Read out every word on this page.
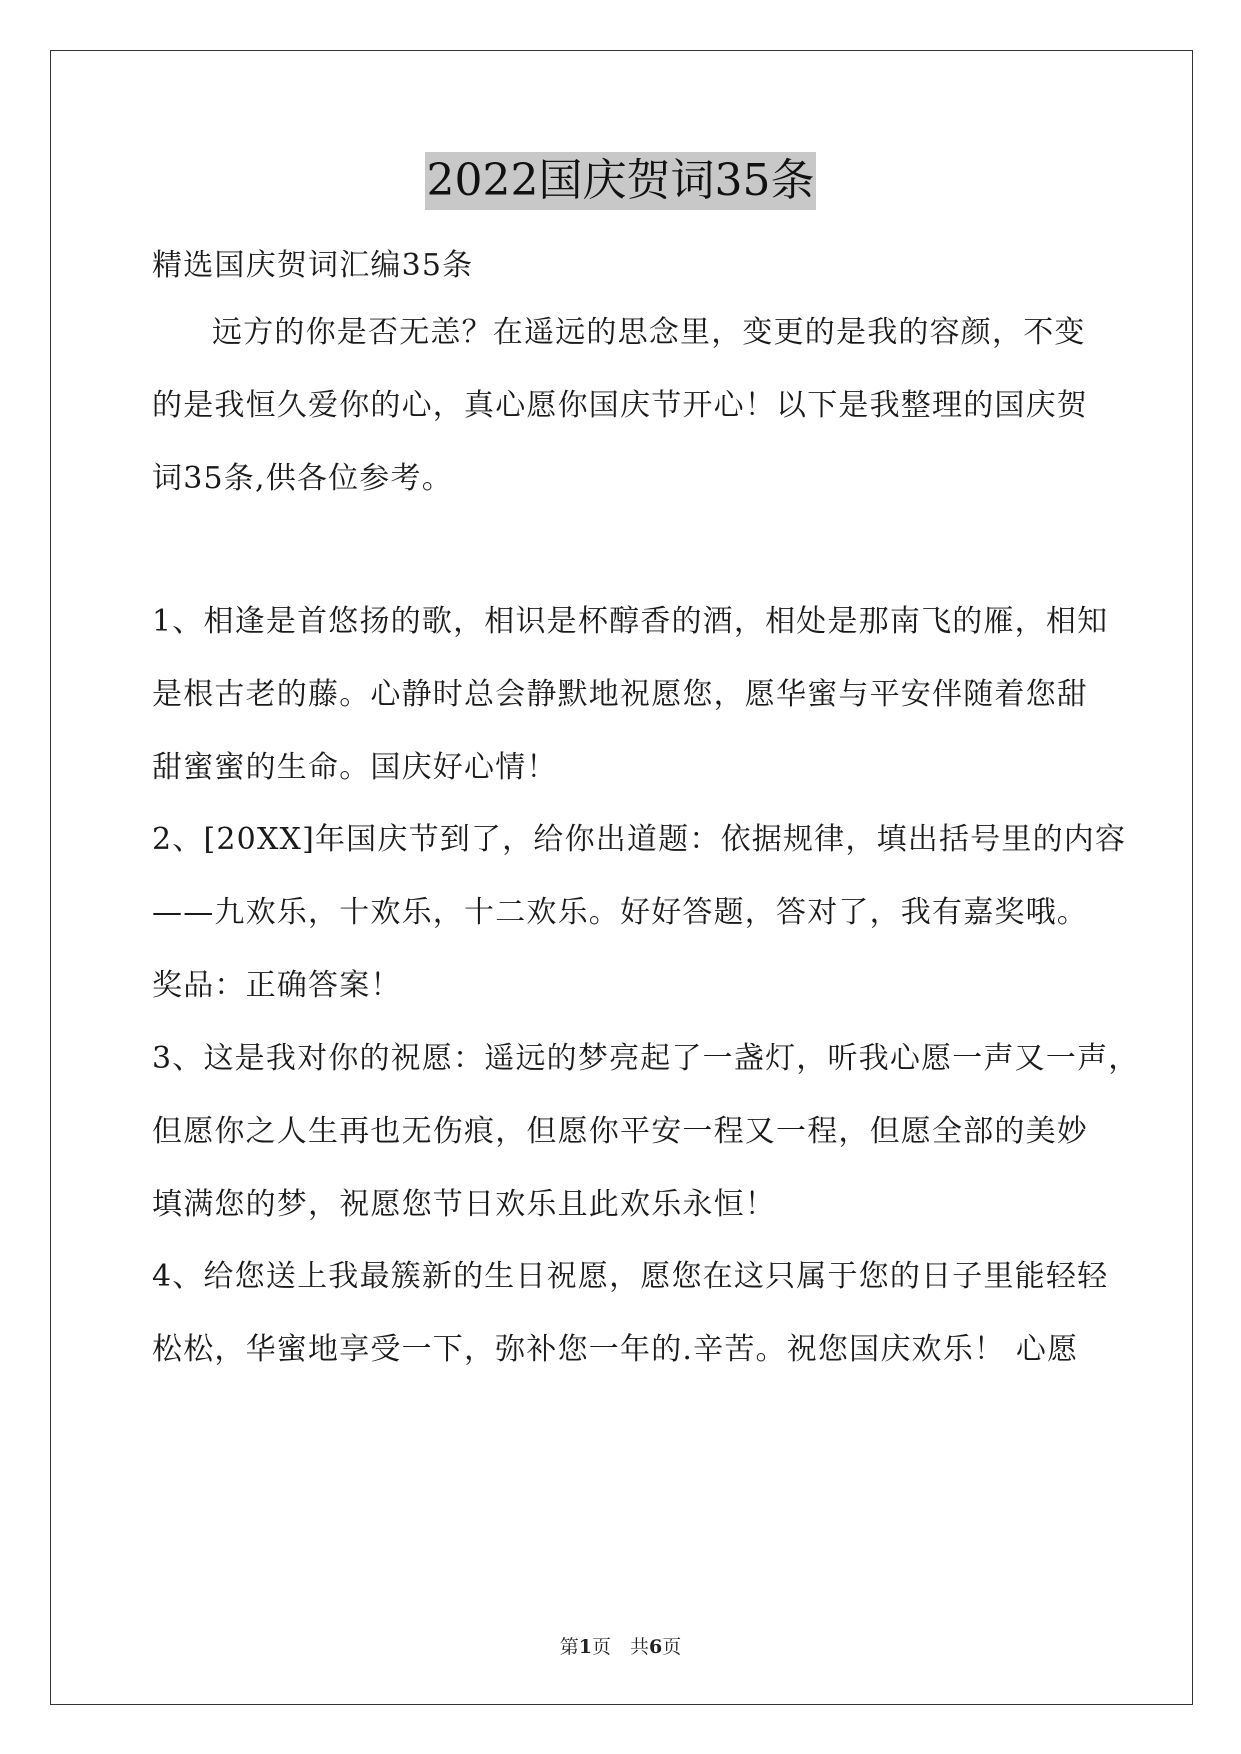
2022国庆贺词35条
精选国庆贺词汇编35条
远方的你是否无恙？在遥远的思念里，变更的是我的容颜，不变
的是我恒久爱你的心，真心愿你国庆节开心！以下是我整理的国庆贺
词35条,供各位参考。
1、相逢是首悠扬的歌，相识是杯醇香的酒，相处是那南飞的雁，相知
是根古老的藤。心静时总会静默地祝愿您，愿华蜜与平安伴随着您甜
甜蜜蜜的生命。国庆好心情！
2、[20XX]年国庆节到了，给你出道题：依据规律，填出括号里的内容
——九欢乐，十欢乐，十二欢乐。好好答题，答对了，我有嘉奖哦。
奖品：正确答案！
3、这是我对你的祝愿：遥远的梦亮起了一盏灯，听我心愿一声又一声，
但愿你之人生再也无伤痕，但愿你平安一程又一程，但愿全部的美妙
填满您的梦，祝愿您节日欢乐且此欢乐永恒！
4、给您送上我最簇新的生日祝愿，愿您在这只属于您的日子里能轻轻
松松，华蜜地享受一下，弥补您一年的.辛苦。祝您国庆欢乐！ 心愿
第1页　共6页
